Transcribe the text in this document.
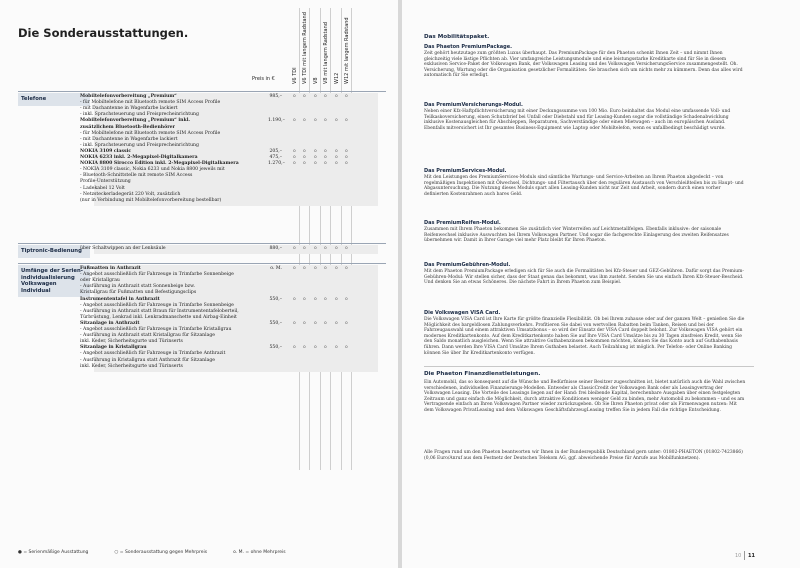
Die Sonderausstattungen.
Preis in €	V6 TDI V6 TDI mit langem Radstand V8 V8 mit langem Radstand W12 W12 mit langem Radstand
Telefone	Mobiltelefonvorbereitung „Premium“	985,– o o o o o o
- für Mobiltelefone mit Bluetooth remote SIM Access Profile
- mit Dachantenne in Wagenfarbe lackiert
- inkl. Sprachsteuerung und Freisprecheinrichtung
Mobiltelefonvorbereitung „Premium“ inkl.	1.190,– o o o o o o
zusätzlichem Bluetooth-Bedienhörer
- für Mobiltelefone mit Bluetooth remote SIM Access Profile
- mit Dachantenne in Wagenfarbe lackiert
- inkl. Sprachsteuerung und Freisprecheinrichtung
NOKIA 3109 classic	205,– o o o o o o
NOKIA 6233 inkl. 2-Megapixel-Digitalkamera	475,– o o o o o o
NOKIA 8800 Sirocco Edition inkl. 2-Megapixel-Digitalkamera	1.270,– o o o o o o
- NOKIA 3109 classic, Nokia 6233 und Nokia 8800 jeweils mit
- Bluetooth-Schnittstelle mit remote SIM Access
Profile-Unterstützung
- Ladekabel 12 Volt
- Netzsteckerladegerät 220 Volt, zusätzlich
(nur in Verbindung mit Mobiltelefonvorbereitung bestellbar)
Tiptronic-Bedienung
über Schaltwippen an der Lenksäule	880,– o o o o o o
Umfänge der Serien-individualisierung Volkswagen Individual
Fußmatten in Anthrazit	o. M. o o o o o o
- Angebot ausschließlich für Fahrzeuge in Trimfarbe Sonnenbeige
oder Kristallgrau
- Ausführung in Anthrazit statt Sonnenbeige bzw.
Kristallgrau für Fußmatten und Befestigungsclips
Instrumententafel in Anthrazit	550,– o o o o o o
- Angebot ausschließlich für Fahrzeuge in Trimfarbe Sonnenbeige
- Ausführung in Anthrazit statt Braun für Instrumententafeloberteil,
Türbrüstung, Lenkrad inkl. Lenkradmanschette und Airbag-Einheit
Sitzanlage in Anthrazit	550,– o o o o o o
- Angebot ausschließlich für Fahrzeuge in Trimfarbe Kristallgrau
- Ausführung in Anthrazit statt Kristallgrau für Sitzanlage
inkl. Keder, Sicherheitsgurte und Türinserts
Sitzanlage in Kristallgrau	550,– o o o o o o
- Angebot ausschließlich für Fahrzeuge in Trimfarbe Anthrazit
- Ausführung in Kristallgrau statt Anthrazit für Sitzanlage
inkl. Keder, Sicherheitsgurte und Türinserts
● = Serienmäßige Ausstattung	○ = Sonderausstattung gegen Mehrpreis	o. M. = ohne Mehrpreis
Das Mobilitätspaket.
Das Phaeton PremiumPackage.
Zeit gehört heutzutage zum größten Luxus überhaupt. Das PremiumPackage für den Phaeton schenkt Ihnen Zeit – und nimmt Ihnen gleichzeitig viele lästige Pflichten ab. Vier umfangreiche Leistungsmodule und eine leistungsstarke Kreditkarte sind für Sie in diesem exklusiven Service-Paket der Volkswagen Bank, der Volkswagen Leasing und des Volkswagen VersicherungsService zusammengestellt. Oh. Versicherung, Wartung oder die Organisation gesetzlicher Formalitäten: Sie brauchen sich um nichts mehr zu kümmern. Denn das alles wird automatisch für Sie erledigt.
Das PremiumVersicherungs-Modul.
Neben einer Kfz-Haftpflichtversicherung mit einer Deckungssumme von 100 Mio. Euro beinhaltet das Modul eine umfassende Voll- und Teilkaskoversicherung, einen Schutzbrief bei Unfall oder Diebstahl und für Leasing-Kunden sogar die vollständige Schadenabwicklung inklusive Kostenausgleichen für Abschleppen, Reparaturen, Sachverständige oder einen Mietwagen – auch im europäischen Ausland. Ebenfalls mitversichert ist Ihr gesamtes Business-Equipment wie Laptop oder Mobiltelefon, wenn es unfallbedingt beschädigt wurde.
Das PremiumServices-Modul.
Mit den Leistungen des PremiumServices-Moduls sind sämtliche Wartungs- und Service-Arbeiten an Ihrem Phaeton abgedeckt – von regelmäßigen Inspektionen mit Ölwechsel, Dichtungs- und Filtertausch über den regulären Austausch von Verschleißteilen bis zu Haupt- und Abgasuntersuchung. Die Nutzung dieses Moduls spart allen Leasing-Kunden nicht nur Zeit und Arbeit, sondern durch einen vorher definierten Kostenrahmen auch bares Geld.
Das PremiumReifen-Modul.
Zusammen mit Ihrem Phaeton bekommen Sie zusätzlich vier Winterreifen auf Leichtmetallfelgen. Ebenfalls inklusive: der saisonale Reifenwechsel inklusive Auswuchten bei Ihrem Volkswagen Partner. Und sogar die fachgerechte Einlagerung des zweiten Reifensatzes übernehmen wir. Damit in Ihrer Garage viel mehr Platz bleibt für Ihren Phaeton.
Das PremiumGebühren-Modul.
Mit dem Phaeton PremiumPackage erledigen sich für Sie auch die Formalitäten bei Kfz-Steuer und GEZ-Gebühren. Dafür sorgt das Premium-Gebühren-Modul: Wir stellen sicher, dass der Staat genau das bekommt, was ihm zusteht. Senden Sie uns einfach Ihren Kfz-Steuer-Bescheid. Und denken Sie an etwas Schöneres. Die nächste Fahrt in Ihrem Phaeton zum Beispiel.
Die Volkswagen VISA Card.
Die Volkswagen VISA Card ist Ihre Karte für größte finanzielle Flexibilität. Ob bei Ihrem zuhause oder auf der ganzen Welt – genießen Sie die Möglichkeit des bargeldlosen Zahlungsverkehrs. Profitieren Sie dabei von wertvollen Rabatten beim Tanken, Reisen und bei der Fahrzeugauswahl und einem attraktiven Umsatzbonus – so wird der Einsatz der VISA Card doppelt belohnt. Zur Volkswagen VISA gehört ein modernes Kreditkartenkonto. Auf dem Kreditkartenkonto haben Sie auf Ihre VISA Card Umsätze bis zu 30 Tagen zinsfreien Kredit, wenn Sie den Saldo monatlich ausgleichen. Wenn Sie attraktive Guthabenzinsen bekommen möchten, können Sie das Konto auch auf Guthabenbasis führen. Dann werden Ihre VISA Card Umsätze Ihrem Guthaben belastet. Auch Teilzahlung ist möglich. Per Telefon- oder Online Banking können Sie über Ihr Kreditkartenkonto verfügen.
Die Phaeton Finanzdienstleistungen.
Ein Automobil, das so konsequent auf die Wünsche und Bedürfnisse seiner Besitzer zugeschnitten ist, bietet natürlich auch die Wahl zwischen verschiedenen, individuellen Finanzierungs-Modellen. Entweder als ClassicCredit der Volkswagen Bank oder als Leasingvertrag der Volkswagen Leasing. Die Vorteile des Leasings liegen auf der Hand: frei bleibende Kapital, berechenbare Ausgaben über einen festgelegten Zeitraum und ganz einfach die Möglichkeit, durch attraktive Konditionen weniger Geld zu binden, mehr Automobil zu bekommen – und es am Vertragsende einfach an Ihren Volkswagen Partner wieder zurückzugeben. Ob Sie Ihren Phaeton privat oder als Firmenwagen nutzen: Mit dem Volkswagen PrivatLeasing und dem Volkswagen GeschäftsfahrzeugLeasing treffen Sie in jedem Fall die richtige Entscheidung.
Alle Fragen rund um den Phaeton beantworten wir Ihnen in der Bundesrepublik Deutschland gern unter: 01802-PHAETON (01802-7423866) (0,06 Euro/Anruf aus dem Festnetz der Deutschen Telekom AG, ggf. abweichende Preise für Anrufe aus Mobilfunknetzen).
10 11
